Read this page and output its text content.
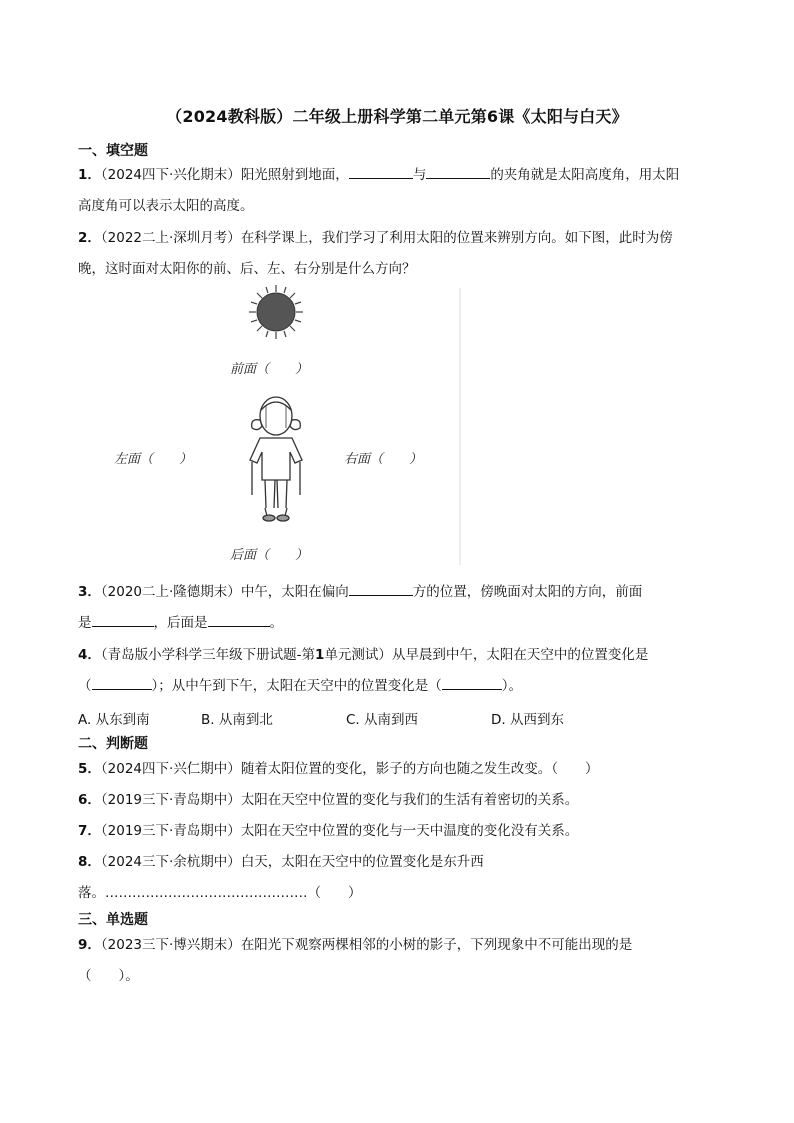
（2024教科版）二年级上册科学第二单元第6课《太阳与白天》
一、填空题
1．（2024四下·兴化期末）阳光照射到地面，	与	的夹角就是太阳高度角，用太阳
高度角可以表示太阳的高度。
2．（2022二上·深圳月考）在科学课上，我们学习了利用太阳的位置来辨别方向。如下图，此时为傍
晚，这时面对太阳你的前、后、左、右分别是什么方向？
前面（　　）
左面（　　）	右面（　　）
后面（　　）
3．（2020二上·隆德期末）中午，太阳在偏向	方的位置，傍晚面对太阳的方向，前面
是	，后面是	。
4．（青岛版小学科学三年级下册试题-第1单元测试）从早晨到中午，太阳在天空中的位置变化是
（	）；从中午到下午，太阳在天空中的位置变化是（	）。
A. 从东到南	B. 从南到北	C. 从南到西	D. 从西到东
二、判断题
5．（2024四下·兴仁期中）随着太阳位置的变化，影子的方向也随之发生改变。（　　）
6．（2019三下·青岛期中）太阳在天空中位置的变化与我们的生活有着密切的关系。
7．（2019三下·青岛期中）太阳在天空中位置的变化与一天中温度的变化没有关系。
8．（2024三下·余杭期中）白天，太阳在天空中的位置变化是东升西
落。………………………………………（　　）
三、单选题
9．（2023三下·博兴期末）在阳光下观察两棵相邻的小树的影子，下列现象中不可能出现的是
（　　）。
